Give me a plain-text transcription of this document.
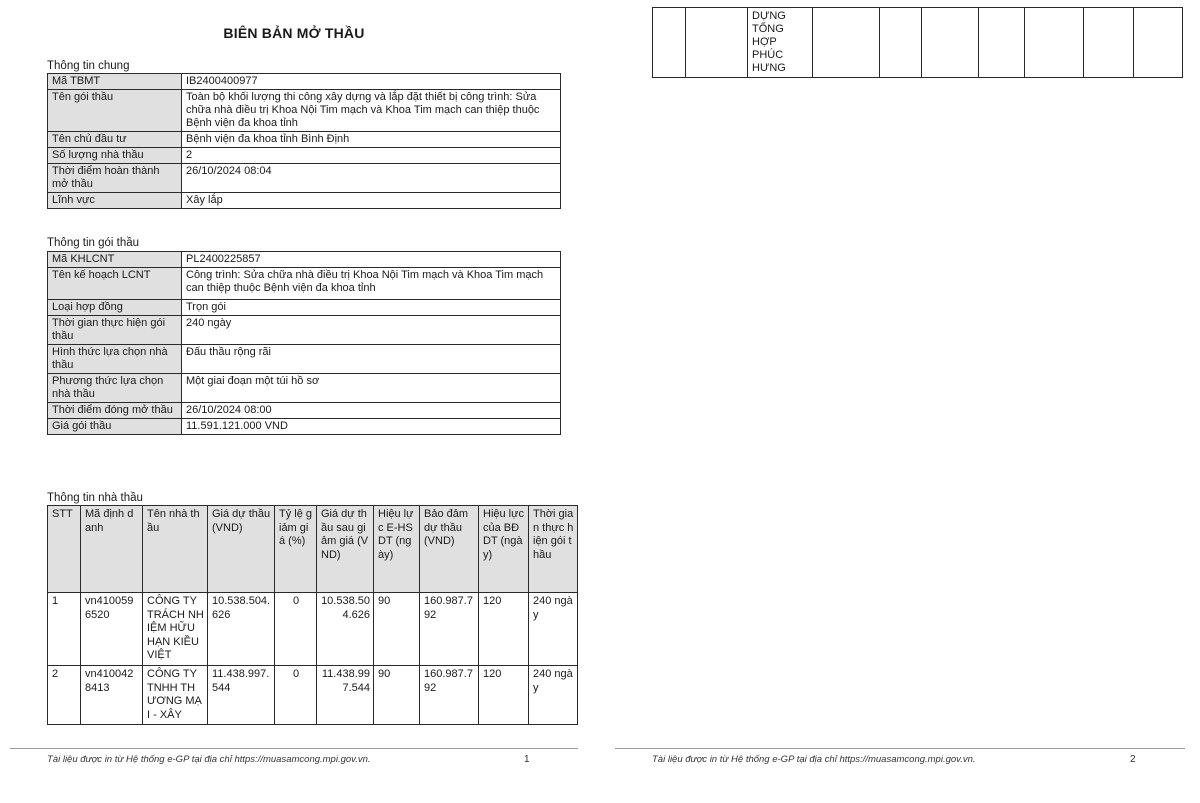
BIÊN BẢN MỞ THẦU
Thông tin chung
Mã TBMT	IB2400400977
Tên gói thầu	Toàn bộ khối lượng thi công xây dựng và lắp đặt thiết bị công trình: Sửa chữa nhà điều trị Khoa Nội Tim mạch và Khoa Tim mạch can thiệp thuộc Bệnh viện đa khoa tỉnh
Tên chủ đầu tư	Bệnh viện đa khoa tỉnh Bình Định
Số lượng nhà thầu	2
Thời điểm hoàn thành mở thầu	26/10/2024 08:04
Lĩnh vực	Xây lắp
Thông tin gói thầu
Mã KHLCNT	PL2400225857
Tên kế hoạch LCNT	Công trình: Sửa chữa nhà điều trị Khoa Nội Tim mạch và Khoa Tim mạch can thiệp thuộc Bệnh viện đa khoa tỉnh
Loại hợp đồng	Trọn gói
Thời gian thực hiện gói thầu	240 ngày
Hình thức lựa chọn nhà thầu	Đấu thầu rộng rãi
Phương thức lựa chọn nhà thầu	Một giai đoạn một túi hồ sơ
Thời điểm đóng mở thầu	26/10/2024 08:00
Giá gói thầu	11.591.121.000 VND
Thông tin nhà thầu
STT	Mã định danh	Tên nhà thầu	Giá dự thầu (VND)	Tỷ lệ giảm giá (%)	Giá dự thầu sau giảm giá (VND)	Hiệu lực E-HSDT (ngày)	Bảo đảm dự thầu (VND)	Hiệu lực của BĐ DT (ngày)	Thời gian thực hiện gói thầu
1	vn4100596520	CÔNG TY TRÁCH NHIỆM HỮU HẠN KIỀU VIỆT	10.538.504.626	0	10.538.504.626	90	160.987.792	120	240 ngày
2	vn4100428413	CÔNG TY TNHH THƯƠNG MẠI - XÂY	11.438.997.544	0	11.438.997.544	90	160.987.792	120	240 ngày
Tài liệu được in từ Hệ thống e-GP tại địa chỉ https://muasamcong.mpi.gov.vn.	1
		DỰNG TỔNG HỢP PHÚC HƯNG							
Tài liệu được in từ Hệ thống e-GP tại địa chỉ https://muasamcong.mpi.gov.vn.	2
